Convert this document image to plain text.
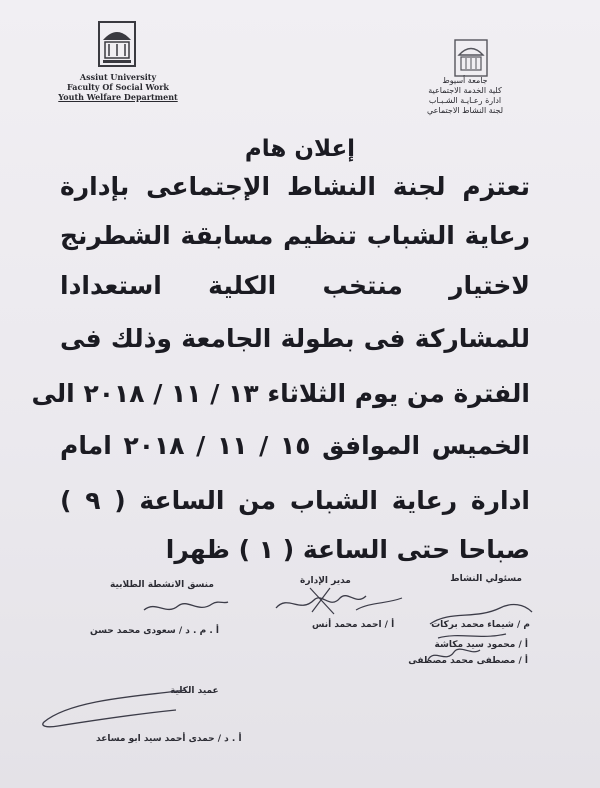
Assiut University
Faculty Of Social Work
Youth Welfare Department
جامعة أسيوط
كلية الخدمة الاجتماعية
ادارة رعـايـة الشـبـاب
لجنة النشاط الاجتماعي
إعلان هام
تعتزم لجنة النشاط الإجتماعى بإدارة
رعاية الشباب تنظيم مسابقة الشطرنج
لاختيار منتخب الكلية استعدادا
للمشاركة فى بطولة الجامعة وذلك فى
الفترة من يوم الثلاثاء ١٣ / ١١ / ٢٠١٨ الى
الخميس الموافق ١٥ / ١١ / ٢٠١٨ امام
ادارة رعاية الشباب من الساعة ( ٩ )
صباحا حتى الساعة ( ١ ) ظهرا
مسئولي النشاط
مدير الإدارة
منسق الانشطة الطلابية
عميد الكلية
م / شيماء محمد بركات
أ / محمود سيد مكاشة
أ / مصطفى محمد مصطفى
أ / احمد محمد أنس
أ . م . د / سعودى محمد حسن
أ . د / حمدى أحمد سيد ابو مساعد
